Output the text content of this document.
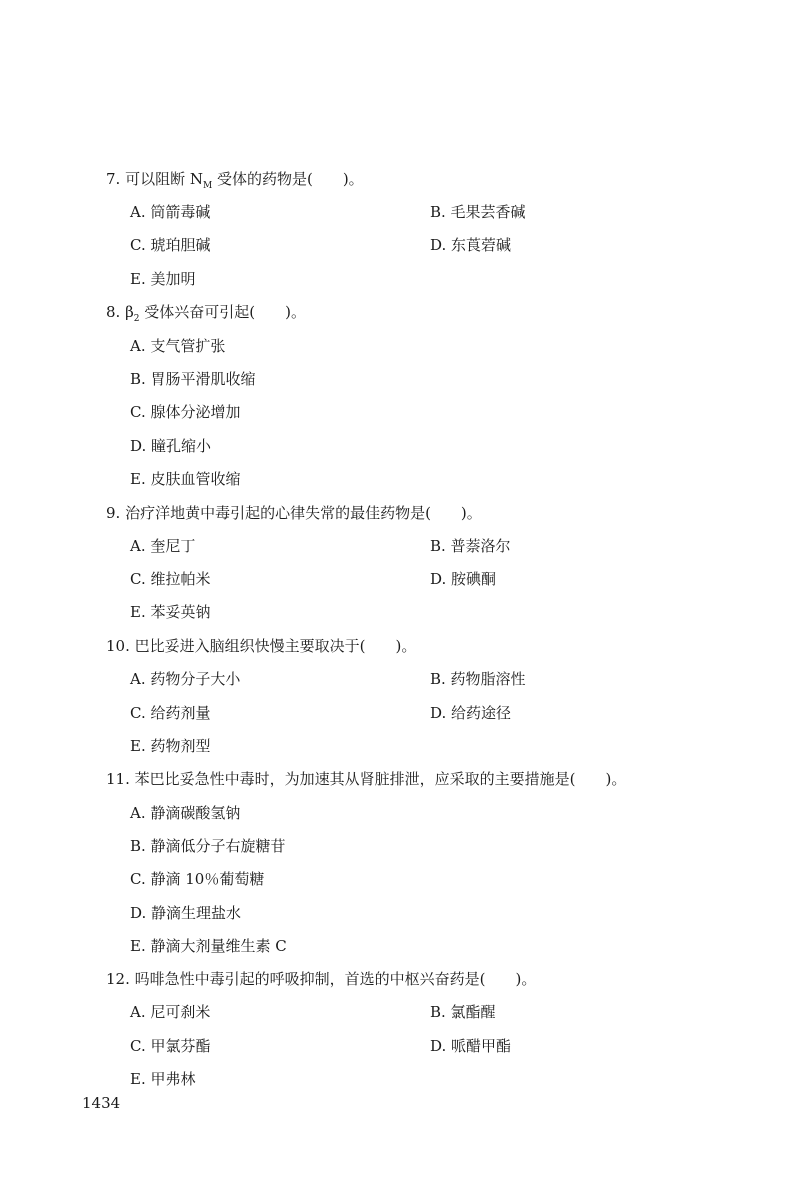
7. 可以阻断 $N_M$ 受体的药物是(　　)。
A. 筒箭毒碱	B. 毛果芸香碱
C. 琥珀胆碱	D. 东莨菪碱
E. 美加明
8. $\beta_2$ 受体兴奋可引起(　　)。
A. 支气管扩张
B. 胃肠平滑肌收缩
C. 腺体分泌增加
D. 瞳孔缩小
E. 皮肤血管收缩
9. 治疗洋地黄中毒引起的心律失常的最佳药物是(　　)。
A. 奎尼丁	B. 普萘洛尔
C. 维拉帕米	D. 胺碘酮
E. 苯妥英钠
10. 巴比妥进入脑组织快慢主要取决于(　　)。
A. 药物分子大小	B. 药物脂溶性
C. 给药剂量	D. 给药途径
E. 药物剂型
11. 苯巴比妥急性中毒时，为加速其从肾脏排泄，应采取的主要措施是(　　)。
A. 静滴碳酸氢钠
B. 静滴低分子右旋糖苷
C. 静滴 10％葡萄糖
D. 静滴生理盐水
E. 静滴大剂量维生素 C
12. 吗啡急性中毒引起的呼吸抑制，首选的中枢兴奋药是(　　)。
A. 尼可刹米	B. 氯酯醒
C. 甲氯芬酯	D. 哌醋甲酯
E. 甲弗林
1434
